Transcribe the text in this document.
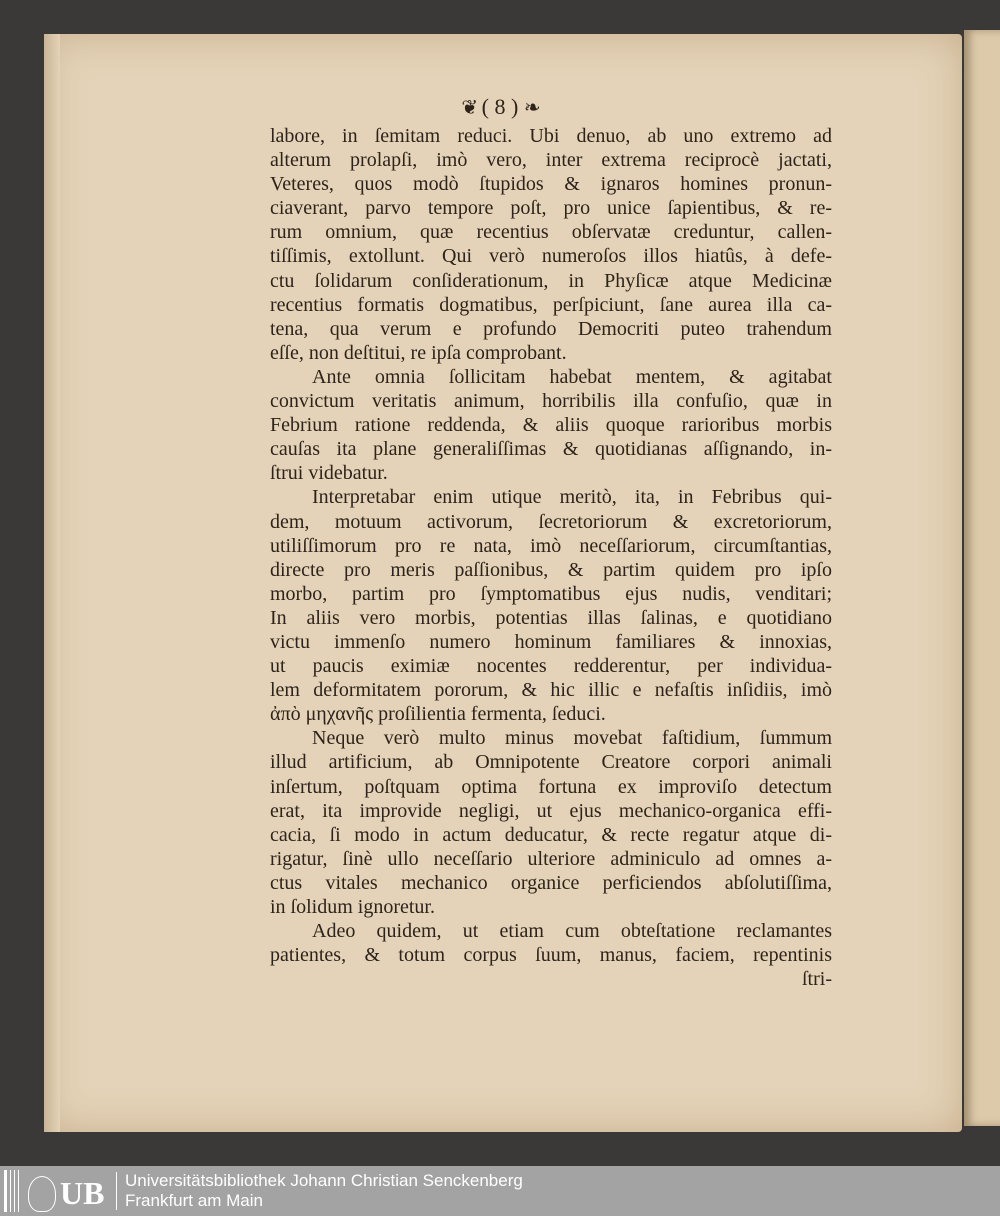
❦ ( 8 ) ❧
labore, in ſemitam reduci. Ubi denuo, ab uno extremo ad
alterum prolapſi, imò vero, inter extrema reciprocè jactati,
Veteres, quos modò ſtupidos & ignaros homines pronun-
ciaverant, parvo tempore poſt, pro unice ſapientibus, & re-
rum omnium, quæ recentius obſervatæ creduntur, callen-
tiſſimis, extollunt. Qui verò numeroſos illos hiatûs, à defe-
ctu ſolidarum conſiderationum, in Phyſicæ atque Medicinæ
recentius formatis dogmatibus, perſpiciunt, ſane aurea illa ca-
tena, qua verum e profundo Democriti puteo trahendum
eſſe, non deſtitui, re ipſa comprobant.
Ante omnia ſollicitam habebat mentem, & agitabat
convictum veritatis animum, horribilis illa confuſio, quæ in
Febrium ratione reddenda, & aliis quoque rarioribus morbis
cauſas ita plane generaliſſimas & quotidianas aſſignando, in-
ſtrui videbatur.
Interpretabar enim utique meritò, ita, in Febribus qui-
dem, motuum activorum, ſecretoriorum & excretoriorum,
utiliſſimorum pro re nata, imò neceſſariorum, circumſtantias,
directe pro meris paſſionibus, & partim quidem pro ipſo
morbo, partim pro ſymptomatibus ejus nudis, venditari;
In aliis vero morbis, potentias illas ſalinas, e quotidiano
victu immenſo numero hominum familiares & innoxias,
ut paucis eximiæ nocentes redderentur, per individua-
lem deformitatem pororum, & hic illic e nefaſtis inſidiis, imò
ἀπὸ μηχανῆς proſilientia fermenta, ſeduci.
Neque verò multo minus movebat faſtidium, ſummum
illud artificium, ab Omnipotente Creatore corpori animali
inſertum, poſtquam optima fortuna ex improviſo detectum
erat, ita improvide negligi, ut ejus mechanico-organica effi-
cacia, ſi modo in actum deducatur, & recte regatur atque di-
rigatur, ſinè ullo neceſſario ulteriore adminiculo ad omnes a-
ctus vitales mechanico organice perficiendos abſolutiſſima,
in ſolidum ignoretur.
Adeo quidem, ut etiam cum obteſtatione reclamantes
patientes, & totum corpus ſuum, manus, faciem, repentinis
ſtri-
UB Universitätsbibliothek Johann Christian Senckenberg
Frankfurt am Main
